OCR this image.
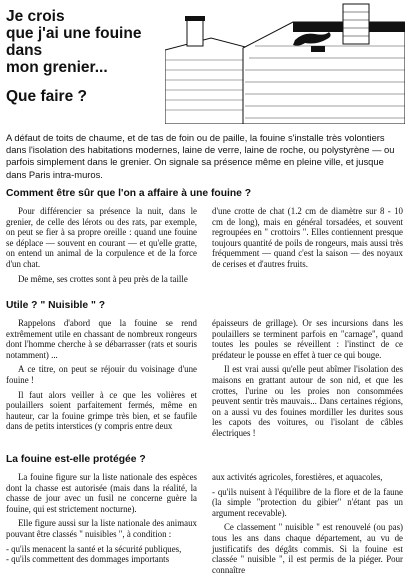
Je crois
que j'ai une fouine
dans
mon grenier...
Que faire ?

A défaut de toits de chaume, et de tas de foin ou de paille, la fouine s'installe très volontiers dans l'isolation des habitations modernes, laine de verre, laine de roche, ou polystyrène — ou parfois simplement dans le grenier. On signale sa présence même en pleine ville, et jusque dans Paris intra-muros.

Comment être sûr que l'on a affaire à une fouine ?

Pour différencier sa présence la nuit, dans le grenier, de celle des lérots ou des rats, par exemple, on peut se fier à sa propre oreille : quand une fouine se déplace — souvent en courant — et qu'elle gratte, on entend un animal de la corpulence et de la force d'un chat.

De même, ses crottes sont à peu près de la taille

d'une crotte de chat (1.2 cm de diamètre sur 8 - 10 cm de long), mais en général torsadées, et souvent regroupées en " crottoirs ". Elles contiennent presque toujours quantité de poils de rongeurs, mais aussi très fréquemment — quand c'est la saison — des noyaux de cerises et d'autres fruits.

Utile ? " Nuisible " ?

Rappelons d'abord que la fouine se rend extrêmement utile en chassant de nombreux rongeurs dont l'homme cherche à se débarrasser (rats et souris notamment) ...

A ce titre, on peut se réjouir du voisinage d'une fouine !

Il faut alors veiller à ce que les volières et poulaillers soient parfaitement fermés, même en hauteur, car la fouine grimpe très bien, et se faufile dans de petits interstices (y compris entre deux

épaisseurs de grillage). Or ses incursions dans les poulaillers se terminent parfois en "carnage", quand toutes les poules se réveillent : l'instinct de ce prédateur le pousse en effet à tuer ce qui bouge.

Il est vrai aussi qu'elle peut abîmer l'isolation des maisons en grattant autour de son nid, et que les crottes, l'urine ou les proies non consommées peuvent sentir très mauvais... Dans certaines régions, on a aussi vu des fouines mordiller les durites sous les capots des voitures, ou l'isolant de câbles électriques !

La fouine est-elle protégée ?

La fouine figure sur la liste nationale des espèces dont la chasse est autorisée (mais dans la réalité, la chasse de jour avec un fusil ne concerne guère la fouine, qui est strictement nocturne).

Elle figure aussi sur la liste nationale des animaux pouvant être classés " nuisibles ", à condition :

- qu'ils menacent la santé et la sécurité publiques,

- qu'ils commettent des dommages importants

aux activités agricoles, forestières, et aquacoles,

- qu'ils nuisent à l'équilibre de la flore et de la faune (la simple "protection du gibier" n'étant pas un argument recevable).

Ce classement " nuisible " est renouvelé (ou pas) tous les ans dans chaque département, au vu de justificatifs des dégâts commis. Si la fouine est classée " nuisible ", il est permis de la piéger. Pour connaître
